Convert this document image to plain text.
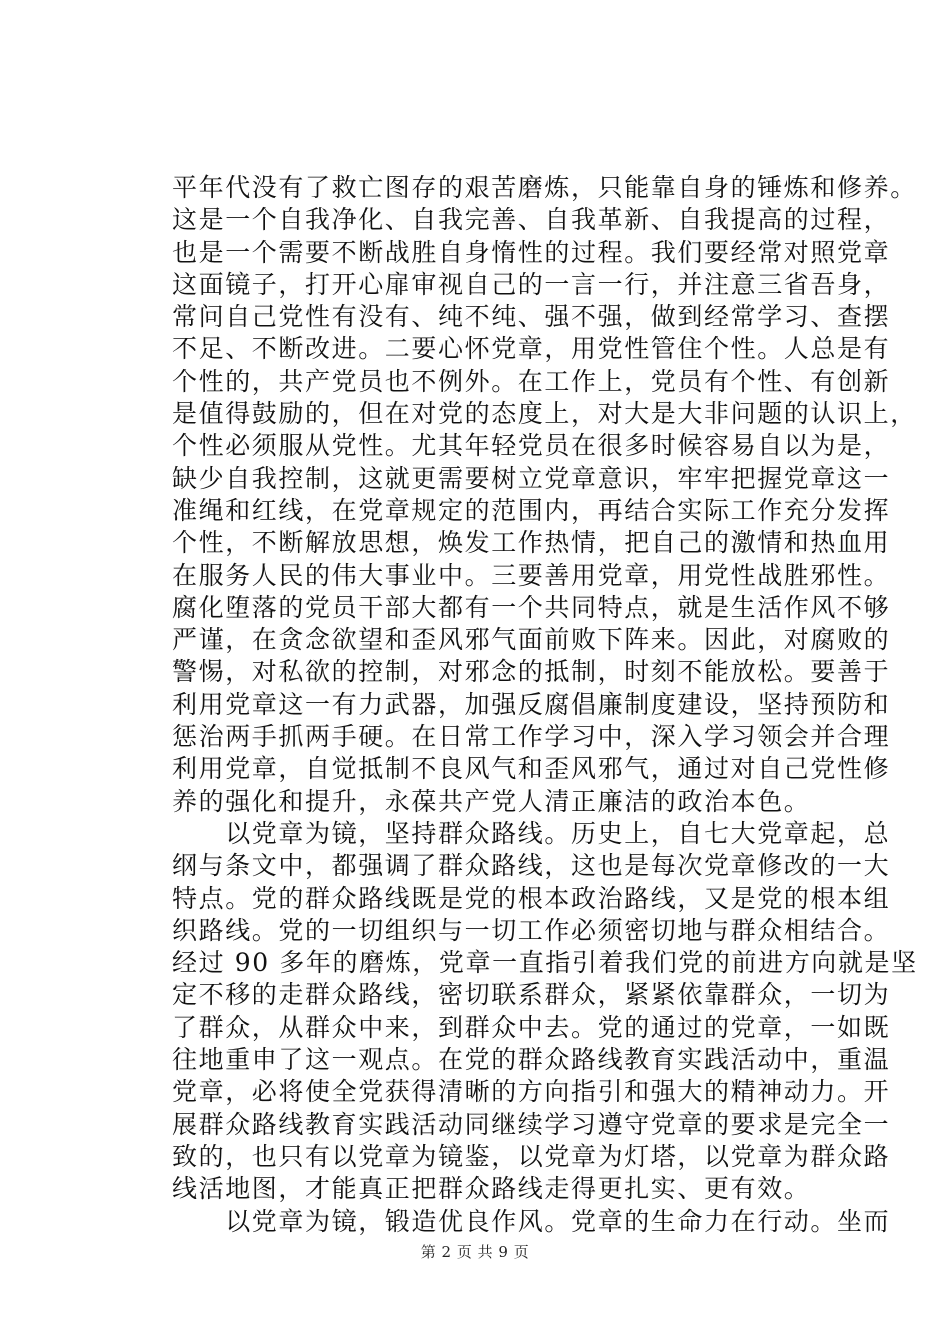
平年代没有了救亡图存的艰苦磨炼，只能靠自身的锤炼和修养。
这是一个自我净化、自我完善、自我革新、自我提高的过程，
也是一个需要不断战胜自身惰性的过程。我们要经常对照党章
这面镜子，打开心扉审视自己的一言一行，并注意三省吾身，
常问自己党性有没有、纯不纯、强不强，做到经常学习、查摆
不足、不断改进。二要心怀党章，用党性管住个性。人总是有
个性的，共产党员也不例外。在工作上，党员有个性、有创新
是值得鼓励的，但在对党的态度上，对大是大非问题的认识上，
个性必须服从党性。尤其年轻党员在很多时候容易自以为是，
缺少自我控制，这就更需要树立党章意识，牢牢把握党章这一
准绳和红线，在党章规定的范围内，再结合实际工作充分发挥
个性，不断解放思想，焕发工作热情，把自己的激情和热血用
在服务人民的伟大事业中。三要善用党章，用党性战胜邪性。
腐化堕落的党员干部大都有一个共同特点，就是生活作风不够
严谨，在贪念欲望和歪风邪气面前败下阵来。因此，对腐败的
警惕，对私欲的控制，对邪念的抵制，时刻不能放松。要善于
利用党章这一有力武器，加强反腐倡廉制度建设，坚持预防和
惩治两手抓两手硬。在日常工作学习中，深入学习领会并合理
利用党章，自觉抵制不良风气和歪风邪气，通过对自己党性修
养的强化和提升，永葆共产党人清正廉洁的政治本色。
　　以党章为镜，坚持群众路线。历史上，自七大党章起，总
纲与条文中，都强调了群众路线，这也是每次党章修改的一大
特点。党的群众路线既是党的根本政治路线，又是党的根本组
织路线。党的一切组织与一切工作必须密切地与群众相结合。
经过 90 多年的磨炼，党章一直指引着我们党的前进方向就是坚
定不移的走群众路线，密切联系群众，紧紧依靠群众，一切为
了群众，从群众中来，到群众中去。党的通过的党章，一如既
往地重申了这一观点。在党的群众路线教育实践活动中，重温
党章，必将使全党获得清晰的方向指引和强大的精神动力。开
展群众路线教育实践活动同继续学习遵守党章的要求是完全一
致的，也只有以党章为镜鉴，以党章为灯塔，以党章为群众路
线活地图，才能真正把群众路线走得更扎实、更有效。
　　以党章为镜，锻造优良作风。党章的生命力在行动。坐而
第 2 页 共 9 页
